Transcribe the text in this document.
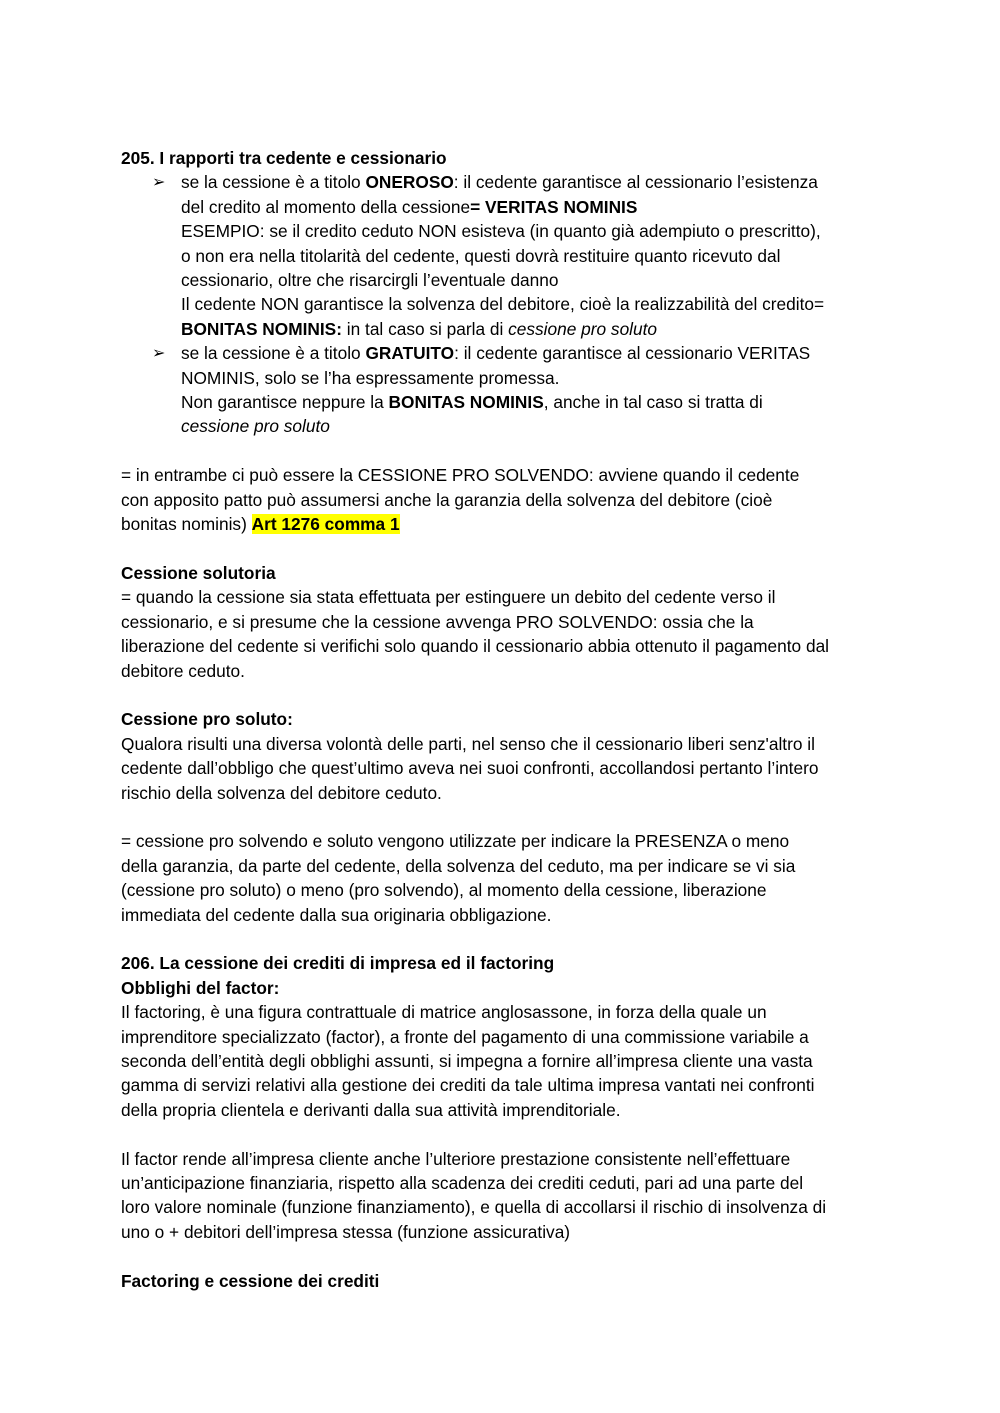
205. I rapporti tra cedente e cessionario
➢ se la cessione è a titolo ONEROSO: il cedente garantisce al cessionario l’esistenza
del credito al momento della cessione= VERITAS NOMINIS
ESEMPIO: se il credito ceduto NON esisteva (in quanto già adempiuto o prescritto),
o non era nella titolarità del cedente, questi dovrà restituire quanto ricevuto dal
cessionario, oltre che risarcirgli l’eventuale danno
Il cedente NON garantisce la solvenza del debitore, cioè la realizzabilità del credito=
BONITAS NOMINIS: in tal caso si parla di cessione pro soluto
➢ se la cessione è a titolo GRATUITO: il cedente garantisce al cessionario VERITAS
NOMINIS, solo se l’ha espressamente promessa.
Non garantisce neppure la BONITAS NOMINIS, anche in tal caso si tratta di
cessione pro soluto
= in entrambe ci può essere la CESSIONE PRO SOLVENDO: avviene quando il cedente
con apposito patto può assumersi anche la garanzia della solvenza del debitore (cioè
bonitas nominis) Art 1276 comma 1
Cessione solutoria
= quando la cessione sia stata effettuata per estinguere un debito del cedente verso il
cessionario, e si presume che la cessione avvenga PRO SOLVENDO: ossia che la
liberazione del cedente si verifichi solo quando il cessionario abbia ottenuto il pagamento dal
debitore ceduto.
Cessione pro soluto:
Qualora risulti una diversa volontà delle parti, nel senso che il cessionario liberi senz'altro il
cedente dall’obbligo che quest’ultimo aveva nei suoi confronti, accollandosi pertanto l’intero
rischio della solvenza del debitore ceduto.
= cessione pro solvendo e soluto vengono utilizzate per indicare la PRESENZA o meno
della garanzia, da parte del cedente, della solvenza del ceduto, ma per indicare se vi sia
(cessione pro soluto) o meno (pro solvendo), al momento della cessione, liberazione
immediata del cedente dalla sua originaria obbligazione.
206. La cessione dei crediti di impresa ed il factoring
Obblighi del factor:
Il factoring, è una figura contrattuale di matrice anglosassone, in forza della quale un
imprenditore specializzato (factor), a fronte del pagamento di una commissione variabile a
seconda dell’entità degli obblighi assunti, si impegna a fornire all’impresa cliente una vasta
gamma di servizi relativi alla gestione dei crediti da tale ultima impresa vantati nei confronti
della propria clientela e derivanti dalla sua attività imprenditoriale.
Il factor rende all’impresa cliente anche l’ulteriore prestazione consistente nell’effettuare
un’anticipazione finanziaria, rispetto alla scadenza dei crediti ceduti, pari ad una parte del
loro valore nominale (funzione finanziamento), e quella di accollarsi il rischio di insolvenza di
uno o + debitori dell’impresa stessa (funzione assicurativa)
Factoring e cessione dei crediti
